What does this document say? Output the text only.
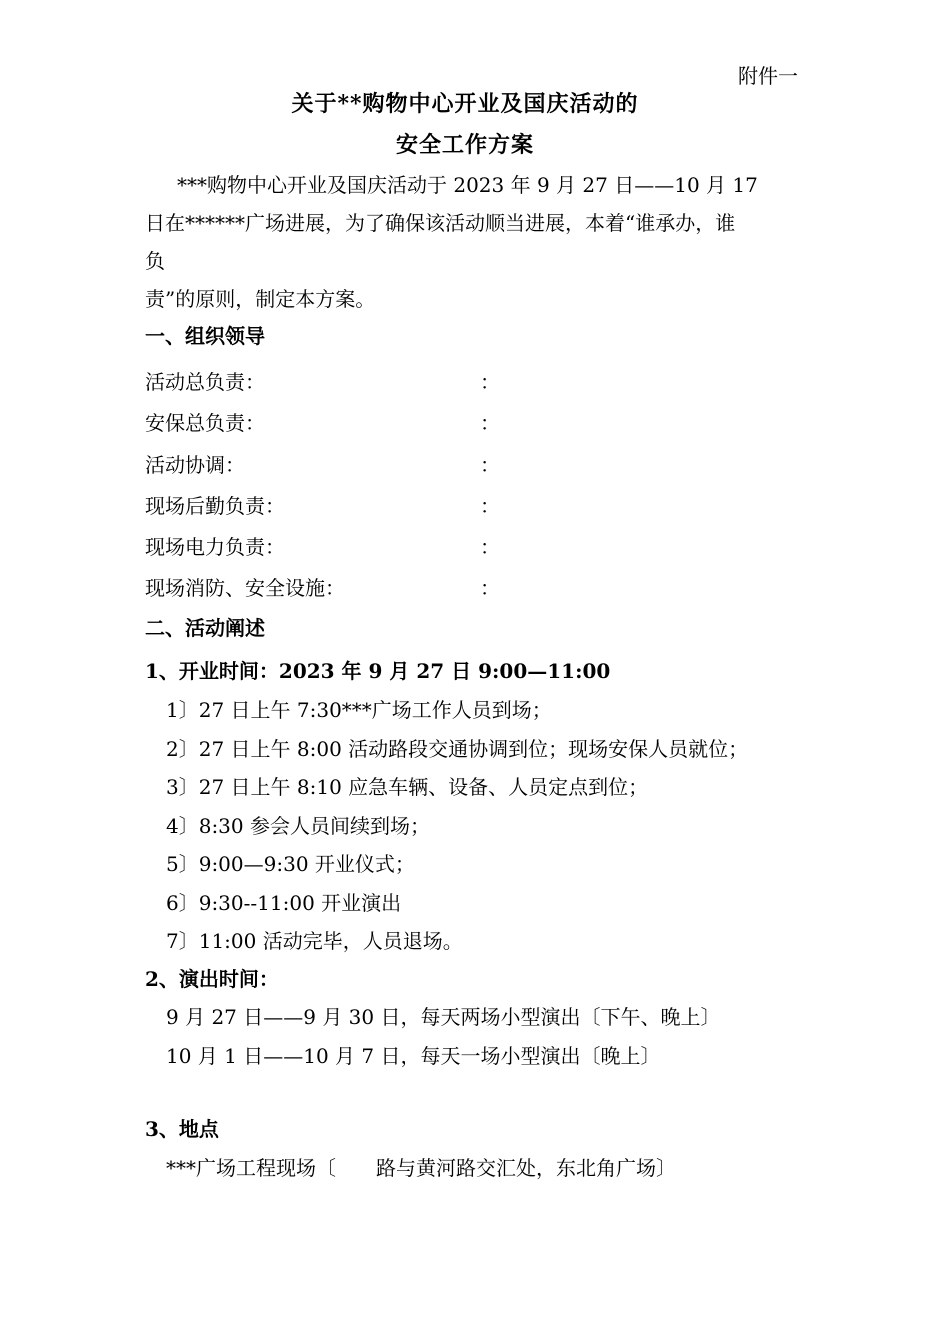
附件一
关于**购物中心开业及国庆活动的
安全工作方案
***购物中心开业及国庆活动于 2023 年 9 月 27 日——10 月 17
日在******广场进展，为了确保该活动顺当进展，本着“谁承办，谁
负
责”的原则，制定本方案。
一、组织领导
活动总负责：	：
安保总负责：	：
活动协调：	：
现场后勤负责：	：
现场电力负责：	：
现场消防、安全设施：	：
二、活动阐述
1、开业时间：2023 年 9 月 27 日 9:00—11:00
1〕27 日上午 7:30***广场工作人员到场；
2〕27 日上午 8:00 活动路段交通协调到位；现场安保人员就位；
3〕27 日上午 8:10 应急车辆、设备、人员定点到位；
4〕8:30 参会人员间续到场；
5〕9:00—9:30 开业仪式；
6〕9:30--11:00 开业演出
7〕11:00 活动完毕，人员退场。
2、演出时间：
9 月 27 日——9 月 30 日，每天两场小型演出〔下午、晚上〕
10 月 1 日——10 月 7 日，每天一场小型演出〔晚上〕
3、地点
***广场工程现场〔　　路与黄河路交汇处，东北角广场〕
